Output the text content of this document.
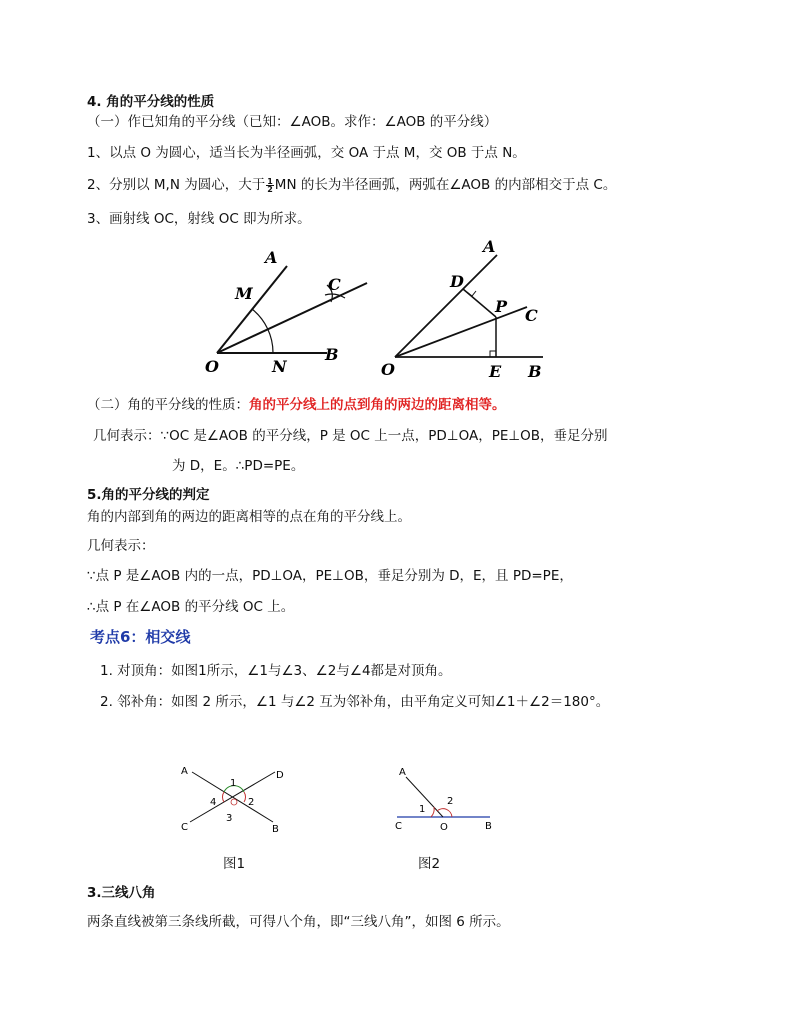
4. 角的平分线的性质
（一）作已知角的平分线（已知：∠AOB。求作：∠AOB 的平分线）
1、以点 O 为圆心，适当长为半径画弧，交 OA 于点 M，交 OB 于点 N。
2、分别以 M,N 为圆心，大于 $\frac{1}{2}$ MN 的长为半径画弧，两弧在∠AOB 的内部相交于点 C。
3、画射线 OC，射线 OC 即为所求。
A
M	C
O	N
B
A
D
P C
O	E B
（二）角的平分线的性质：角的平分线上的点到角的两边的距离相等。
几何表示：∵OC 是∠AOB 的平分线，P 是 OC 上一点，PD⊥OA，PE⊥OB，垂足分别
为 D，E。∴PD=PE。
5.角的平分线的判定
角的内部到角的两边的距离相等的点在角的平分线上。
几何表示：
∵点 P 是∠AOB 内的一点，PD⊥OA，PE⊥OB，垂足分别为 D，E，且 PD=PE，
∴点 P 在∠AOB 的平分线 OC 上。
考点6：相交线
1. 对顶角：如图1所示，∠1与∠3、∠2与∠4都是对顶角。
2. 邻补角：如图 2 所示，∠1 与∠2 互为邻补角，由平角定义可知∠1＋∠2＝180°。
A	D
C	B
1
2
3
4
图1
A
1
2
C	O	B
图2
3.三线八角
两条直线被第三条线所截，可得八个角，即“三线八角”，如图 6 所示。
